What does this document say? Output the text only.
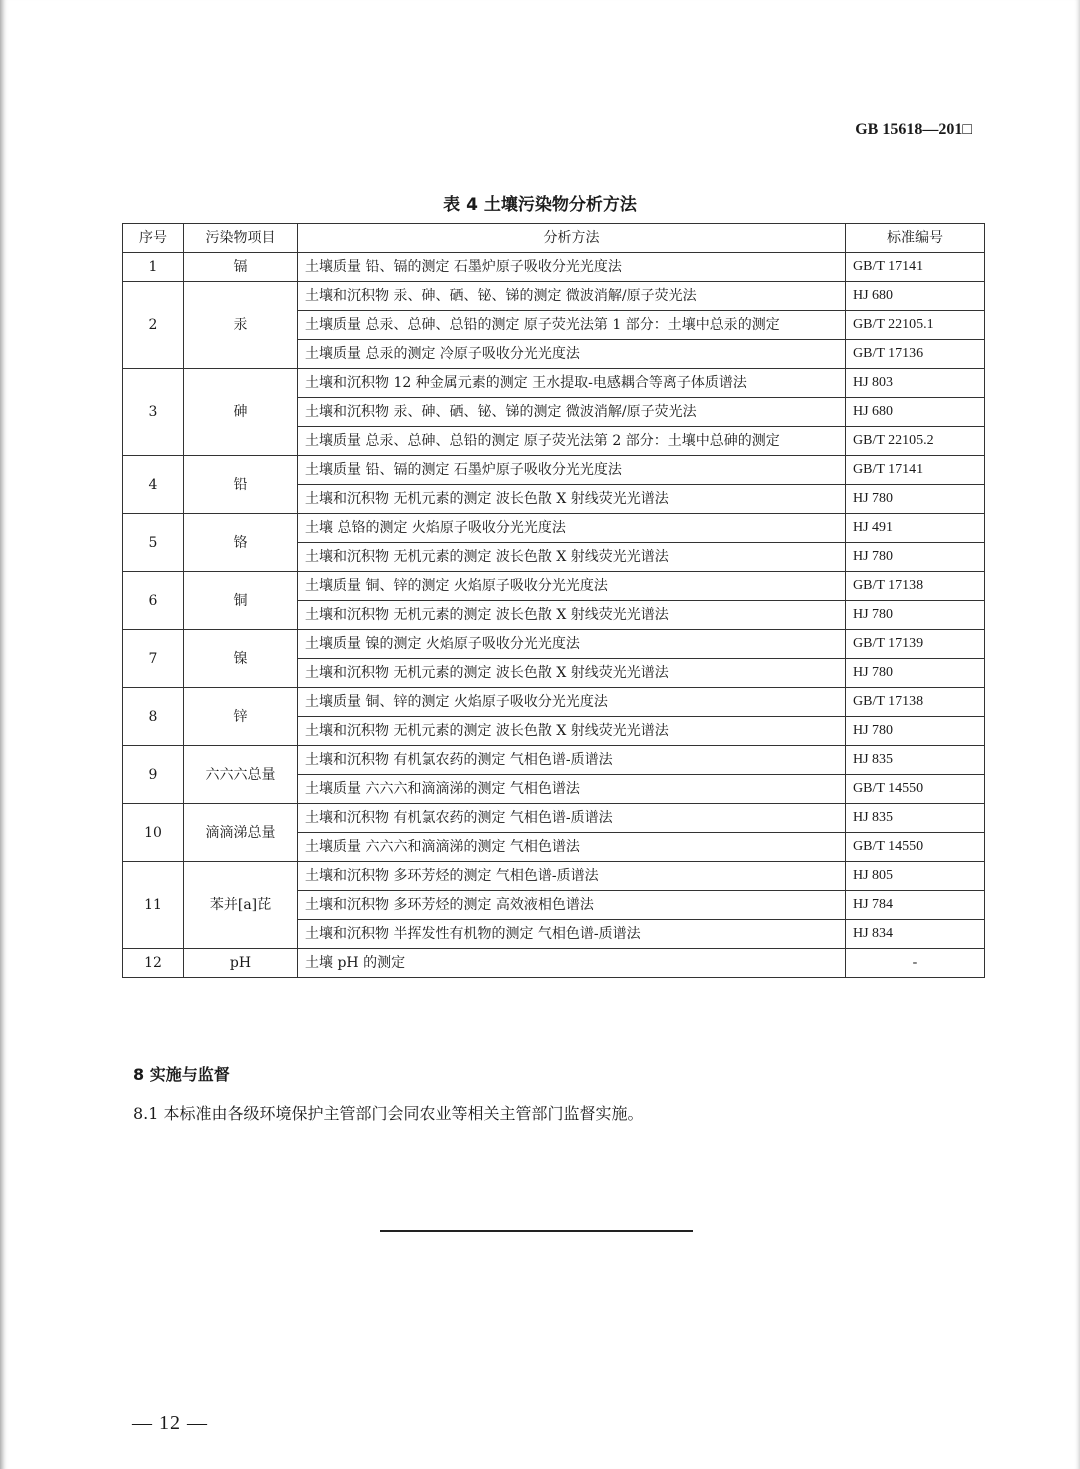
GB 15618—201□
表 4 土壤污染物分析方法
序号	污染物项目	分析方法	标准编号
1	镉	土壤质量 铅、镉的测定 石墨炉原子吸收分光光度法	GB/T 17141
2	汞	土壤和沉积物 汞、砷、硒、铋、锑的测定 微波消解/原子荧光法	HJ 680
		土壤质量 总汞、总砷、总铅的测定 原子荧光法第 1 部分：土壤中总汞的测定	GB/T 22105.1
		土壤质量 总汞的测定 冷原子吸收分光光度法	GB/T 17136
3	砷	土壤和沉积物 12 种金属元素的测定 王水提取-电感耦合等离子体质谱法	HJ 803
		土壤和沉积物 汞、砷、硒、铋、锑的测定 微波消解/原子荧光法	HJ 680
		土壤质量 总汞、总砷、总铅的测定 原子荧光法第 2 部分：土壤中总砷的测定	GB/T 22105.2
4	铅	土壤质量 铅、镉的测定 石墨炉原子吸收分光光度法	GB/T 17141
		土壤和沉积物 无机元素的测定 波长色散 X 射线荧光光谱法	HJ 780
5	铬	土壤 总铬的测定 火焰原子吸收分光光度法	HJ 491
		土壤和沉积物 无机元素的测定 波长色散 X 射线荧光光谱法	HJ 780
6	铜	土壤质量 铜、锌的测定 火焰原子吸收分光光度法	GB/T 17138
		土壤和沉积物 无机元素的测定 波长色散 X 射线荧光光谱法	HJ 780
7	镍	土壤质量 镍的测定 火焰原子吸收分光光度法	GB/T 17139
		土壤和沉积物 无机元素的测定 波长色散 X 射线荧光光谱法	HJ 780
8	锌	土壤质量 铜、锌的测定 火焰原子吸收分光光度法	GB/T 17138
		土壤和沉积物 无机元素的测定 波长色散 X 射线荧光光谱法	HJ 780
9	六六六总量	土壤和沉积物 有机氯农药的测定 气相色谱-质谱法	HJ 835
		土壤质量 六六六和滴滴涕的测定 气相色谱法	GB/T 14550
10	滴滴涕总量	土壤和沉积物 有机氯农药的测定 气相色谱-质谱法	HJ 835
		土壤质量 六六六和滴滴涕的测定 气相色谱法	GB/T 14550
11	苯并[a]芘	土壤和沉积物 多环芳烃的测定 气相色谱-质谱法	HJ 805
		土壤和沉积物 多环芳烃的测定 高效液相色谱法	HJ 784
		土壤和沉积物 半挥发性有机物的测定 气相色谱-质谱法	HJ 834
12	pH	土壤 pH 的测定	-
8 实施与监督
8.1 本标准由各级环境保护主管部门会同农业等相关主管部门监督实施。
— 12 —
